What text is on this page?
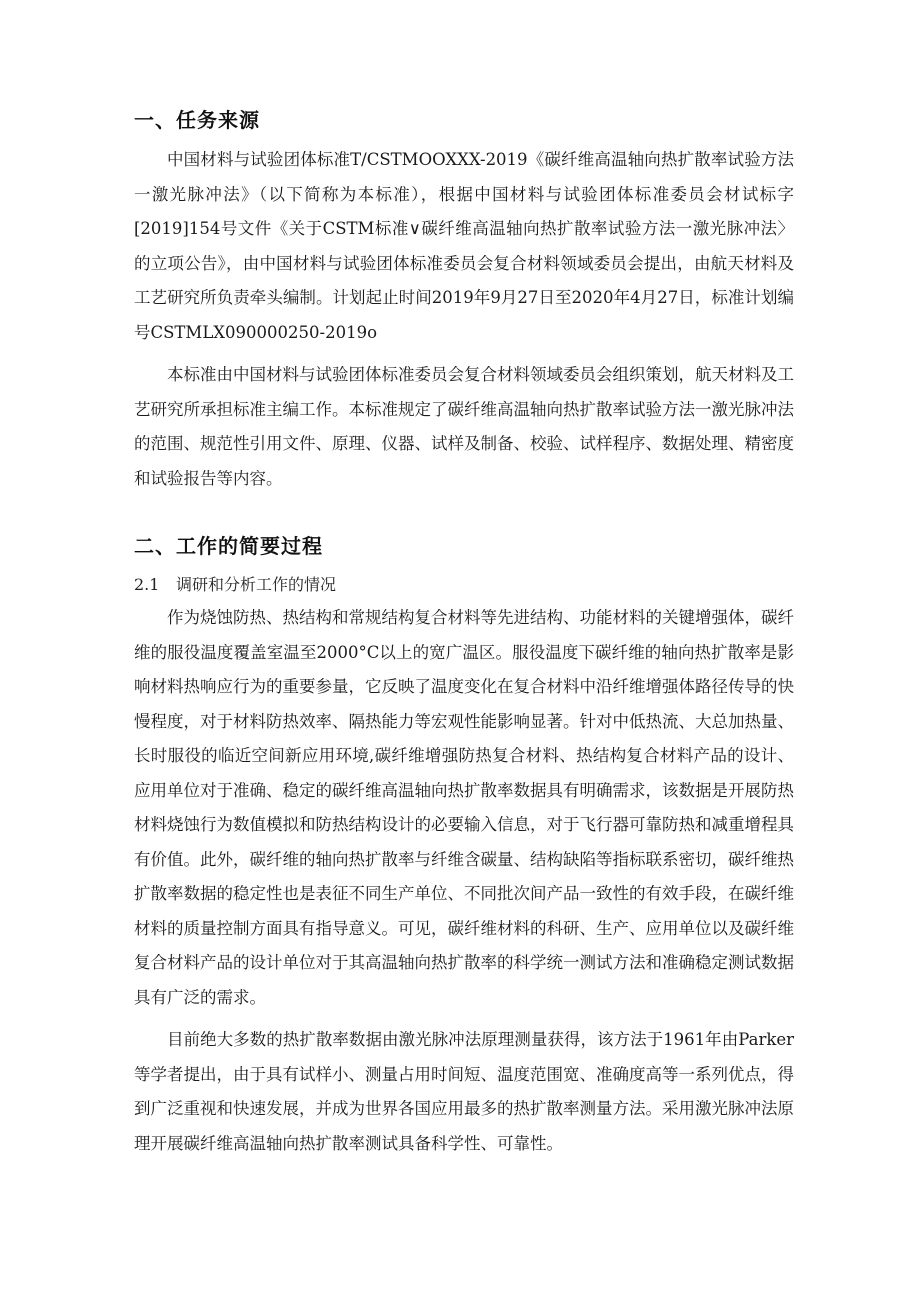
一、任务来源

中国材料与试验团体标准T/CSTMOOXXX-2019《碳纤维高温轴向热扩散率试验方法一激光脉冲法》（以下简称为本标准），根据中国材料与试验团体标准委员会材试标字[2019]154号文件《关于CSTM标准∨碳纤维高温轴向热扩散率试验方法一激光脉冲法〉的立项公告》，由中国材料与试验团体标准委员会复合材料领域委员会提出，由航天材料及工艺研究所负责牵头编制。计划起止时间2019年9月27日至2020年4月27日，标准计划编号CSTMLX090000250-2019o

本标准由中国材料与试验团体标准委员会复合材料领域委员会组织策划，航天材料及工艺研究所承担标准主编工作。本标准规定了碳纤维高温轴向热扩散率试验方法一激光脉冲法的范围、规范性引用文件、原理、仪器、试样及制备、校验、试样程序、数据处理、精密度和试验报告等内容。

二、工作的简要过程
2.1 调研和分析工作的情况

作为烧蚀防热、热结构和常规结构复合材料等先进结构、功能材料的关键增强体，碳纤维的服役温度覆盖室温至2000°C以上的宽广温区。服役温度下碳纤维的轴向热扩散率是影响材料热响应行为的重要参量，它反映了温度变化在复合材料中沿纤维增强体路径传导的快慢程度，对于材料防热效率、隔热能力等宏观性能影响显著。针对中低热流、大总加热量、长时服役的临近空间新应用环境,碳纤维增强防热复合材料、热结构复合材料产品的设计、应用单位对于准确、稳定的碳纤维高温轴向热扩散率数据具有明确需求，该数据是开展防热材料烧蚀行为数值模拟和防热结构设计的必要输入信息，对于飞行器可靠防热和减重增程具有价值。此外，碳纤维的轴向热扩散率与纤维含碳量、结构缺陷等指标联系密切，碳纤维热扩散率数据的稳定性也是表征不同生产单位、不同批次间产品一致性的有效手段，在碳纤维材料的质量控制方面具有指导意义。可见，碳纤维材料的科研、生产、应用单位以及碳纤维复合材料产品的设计单位对于其高温轴向热扩散率的科学统一测试方法和准确稳定测试数据具有广泛的需求。

目前绝大多数的热扩散率数据由激光脉冲法原理测量获得，该方法于1961年由Parker等学者提出，由于具有试样小、测量占用时间短、温度范围宽、准确度高等一系列优点，得到广泛重视和快速发展，并成为世界各国应用最多的热扩散率测量方法。采用激光脉冲法原理开展碳纤维高温轴向热扩散率测试具备科学性、可靠性。
